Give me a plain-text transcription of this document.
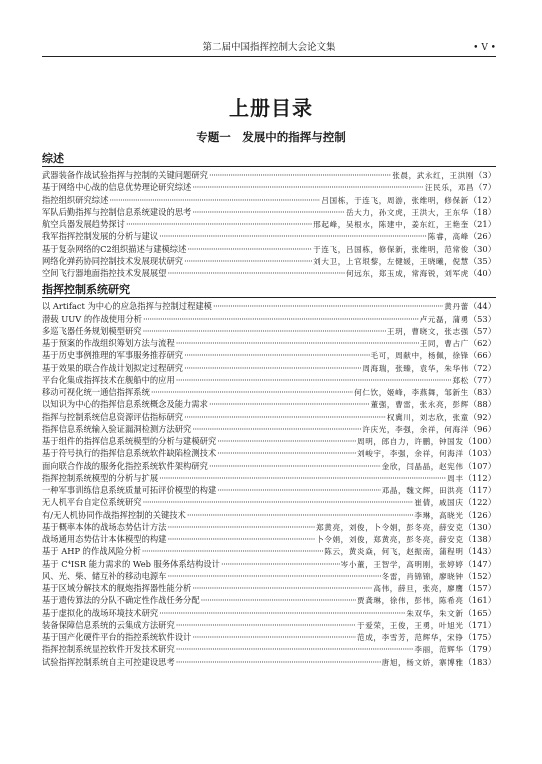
第二届中国指挥控制大会论文集	• V •
上册目录
专题一　发展中的指挥与控制
综述
武器装备作战试验指挥与控制的关键问题研究 ·····	张晨，武永红，王洪刚 （3）
基于网络中心战的信息优势理论研究综述 ·····	汪民乐，邓昌 （7）
指控组织研究综述 ·····	吕国栋，于连飞，周游，张维明，修保新 （12）
军队后勤指挥与控制信息系统建设的思考 ·····	岳大力，孙文虎，王洪大，王东华 （18）
航空兵器发展趋势探讨 ·····	邢起峰，吴根水，陈建中，姜东红，王艳奎 （21）
我军指挥控制发展的分析与建议 ·····	陈睿，高峰 （26）
基于复杂网络的C2组织描述与建模综述 ·····	于连飞，吕国栋，修保新，张维明，范常俊 （30）
网络化弹药协同控制技术发展现状研究 ·····	刘大卫，上官垠黎，左健媛，王晓曦，倪慧 （35）
空间飞行器地面指控技术发展展望 ·····	何远东，郑玉成，常海锐，刘军虎 （40）
指挥控制系统研究
以 Artifact 为中心的应急指挥与控制过程建模 ·····	黄丹蕾 （44）
潜载 UUV 的作战使用分析 ·····	卢元磊，蒲勇 （53）
多巡飞器任务规划模型研究 ·····	王玥，曹晓文，张志强 （57）
基于预案的作战组织筹划方法与流程 ·····	王同，曹占广 （62）
基于历史事例推理的军事服务推荐研究 ·····	毛可，周献中，杨佩，徐锋 （66）
基于效果的联合作战计划拟定过程研究 ·····	周海瑞，张臻，袁华，朱华伟 （72）
平台化集成指挥技术在舰船中的应用 ·····	郑松 （77）
移动可视化统一通信指挥系统 ·····	何仁饮，姬峰，李燕舞，邹新生 （83）
以知识为中心的指挥信息系统概念及能力需求 ·····	董强，曹雷，张永亮，彭辉 （88）
指挥与控制系统信息资源评估指标研究 ·····	权冀川，刘志欣，张童 （92）
指挥信息系统输入验证漏洞检测方法研究 ·····	许庆光，李强，余祥，何海洋 （96）
基于组件的指挥信息系统模型的分析与建模研究 ·····	周明，郎自力，许鹏，钟国发 （100）
基于符号执行的指挥信息系统软件缺陷检测技术 ·····	刘峻宇，李强，余祥，何海洋 （103）
面向联合作战的服务化指控系统软件架构研究 ·····	金欣，闫晶晶，赵宪伟 （107）
指挥控制系统模型的分析与扩展 ·····	周丰 （112）
一种军事训练信息系统质量可拓评价模型的构建 ·····	邓晶，魏文辉，田洪亮 （117）
无人机平台自定位系统研究 ·····	崔倩，戚国庆 （122）
有/无人机协同作战指挥控制的关键技术 ·····	李琳，高晓光 （126）
基于概率本体的战场态势估计方法 ·····	郑黄亮，刘俊，卜令娟，彭冬亮，薛安克 （130）
战场通用态势估计本体模型的构建 ·····	卜令娟，刘俊，郑黄亮，彭冬亮，薛安克 （138）
基于 AHP 的作战风险分析 ·····	陈云，黄炎焱，何飞，赵振南，蒲程明 （143）
基于 C⁴ISR 能力需求的 Web 服务体系结构设计 ·····	岑小董，王智学，高明刚，张婷婷 （147）
风、光、柴、储互补的移动电源车 ·····	冬雷，肖锦锦，廖晓钟 （152）
基于区域分解技术的舰炮指挥器性能分析 ·····	高伟，薛旦，张亮，廖鹰 （157）
基于遗传算法的分队不确定性作战任务分配 ·····	贾龚琳，徐伟，彭伟，陈希亮 （161）
基于虚拟化的战场环境技术研究 ·····	朱双华，朱文新 （165）
装备保障信息系统的云集成方法研究 ·····	于爱荣，王俊，王勇，叶旭光 （171）
基于国产化硬件平台的指控系统软件设计 ·····	范成，李雪芳，范辉华，宋铮 （175）
指挥控制系统显控软件开发技术研究 ·····	李丽，范辉华 （179）
试验指挥控制系统自主可控建设思考 ·····	唐旭，杨文娇，寨博雅 （183）
